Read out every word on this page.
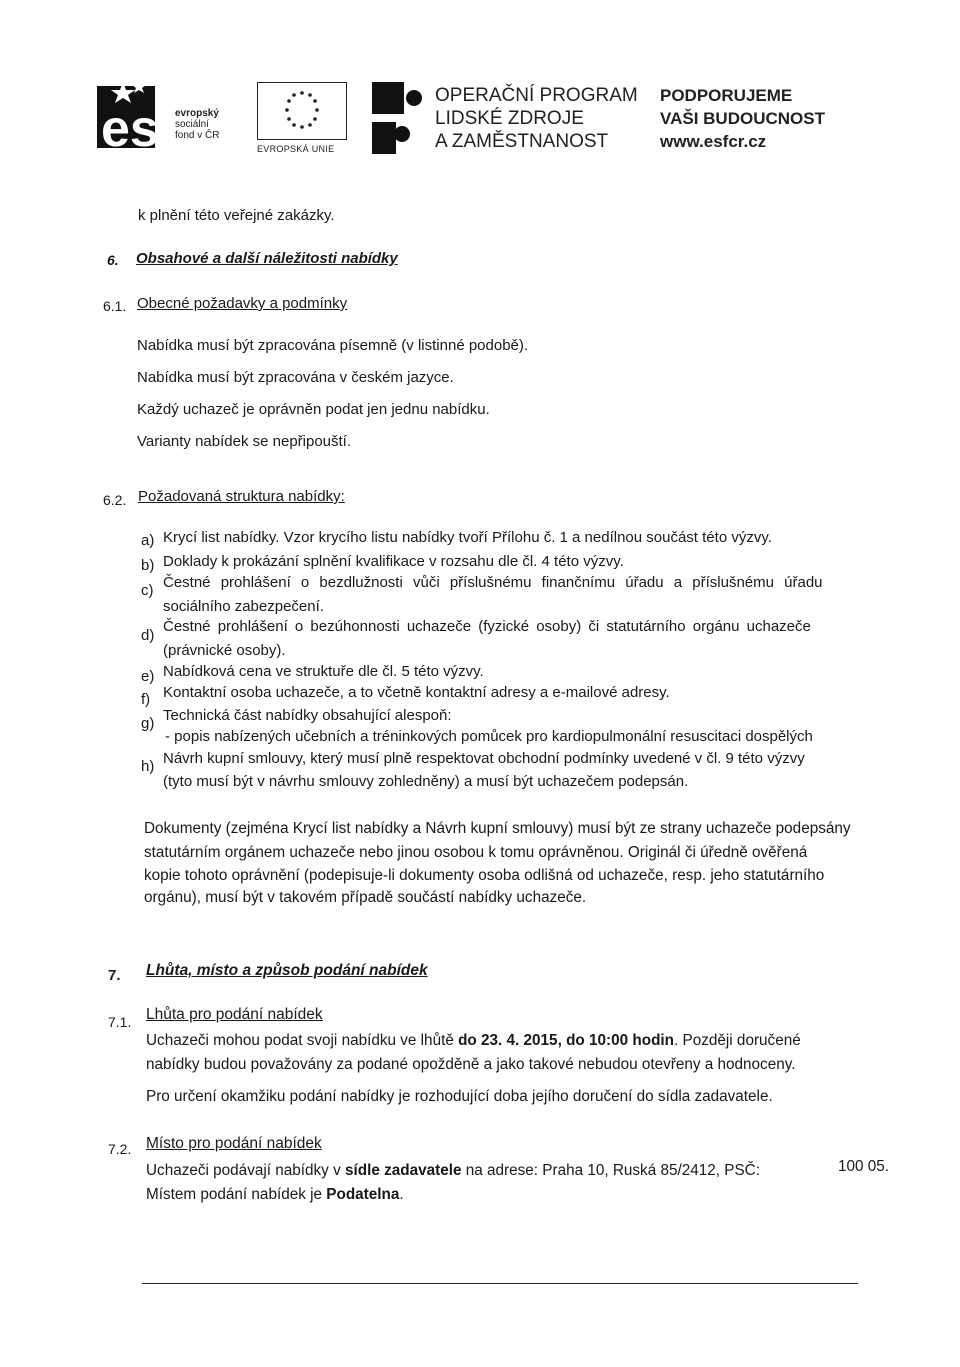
esf
evropský
sociální
fond v ČR
EVROPSKÁ UNIE
OPERAČNÍ PROGRAM
LIDSKÉ ZDROJE
A ZAMĚSTNANOST
PODPORUJEME
VAŠI BUDOUCNOST
www.esfcr.cz
k plnění této veřejné zakázky.
6. Obsahové a další náležitosti nabídky
6.1. Obecné požadavky a podmínky
Nabídka musí být zpracována písemně (v listinné podobě).
Nabídka musí být zpracována v českém jazyce.
Každý uchazeč je oprávněn podat jen jednu nabídku.
Varianty nabídek se nepřipouští.
6.2. Požadovaná struktura nabídky:
a) Krycí list nabídky. Vzor krycího listu nabídky tvoří Přílohu č. 1 a nedílnou součást této výzvy.
b) Doklady k prokázání splnění kvalifikace v rozsahu dle čl. 4 této výzvy.
c) Čestné prohlášení o bezdlužnosti vůči příslušnému finančnímu úřadu a příslušnému úřadu
sociálního zabezpečení.
d)
Čestné prohlášení o bezúhonnosti uchazeče (fyzické osoby) či statutárního orgánu uchazeče
(právnické osoby).
e) Nabídková cena ve struktuře dle čl. 5 této výzvy.
f) Kontaktní osoba uchazeče, a to včetně kontaktní adresy a e-mailové adresy.
g) Technická část nabídky obsahující alespoň:
- popis nabízených učebních a tréninkových pomůcek pro kardiopulmonální resuscitaci dospělých
h) Návrh kupní smlouvy, který musí plně respektovat obchodní podmínky uvedené v čl. 9 této výzvy
(tyto musí být v návrhu smlouvy zohledněny) a musí být uchazečem podepsán.
Dokumenty (zejména Krycí list nabídky a Návrh kupní smlouvy) musí být ze strany uchazeče podepsány
statutárním orgánem uchazeče nebo jinou osobou k tomu oprávněnou. Originál či úředně ověřená
kopie tohoto oprávnění (podepisuje-li dokumenty osoba odlišná od uchazeče, resp. jeho statutárního
orgánu), musí být v takovém případě součástí nabídky uchazeče.
7. Lhůta, místo a způsob podání nabídek
7.1. Lhůta pro podání nabídek
Uchazeči mohou podat svoji nabídku ve lhůtě do 23. 4. 2015, do 10:00 hodin. Později doručené
nabídky budou považovány za podané opožděně a jako takové nebudou otevřeny a hodnoceny.
Pro určení okamžiku podání nabídky je rozhodující doba jejího doručení do sídla zadavatele.
7.2. Místo pro podání nabídek
Uchazeči podávají nabídky v sídle zadavatele na adrese: Praha 10, Ruská 85/2412, PSČ:	100 05.
Místem podání nabídek je Podatelna.
